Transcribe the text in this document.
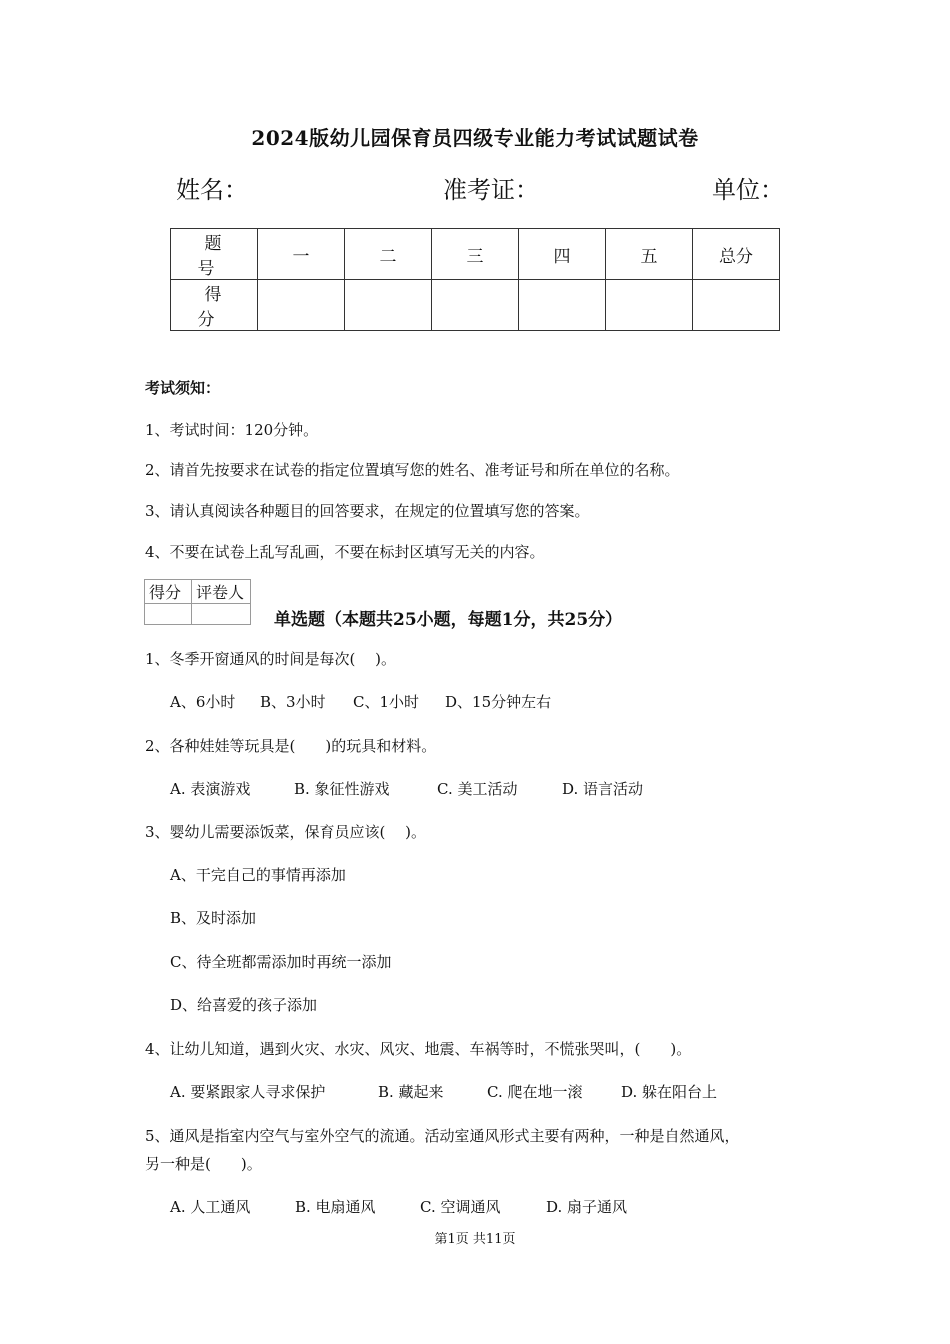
2024版幼儿园保育员四级专业能力考试试题试卷
姓名：	准考证：	单位：
题　号	一	二	三	四	五	总分
得　分						
考试须知：
1、考试时间：120分钟。
2、请首先按要求在试卷的指定位置填写您的姓名、准考证号和所在单位的名称。
3、请认真阅读各种题目的回答要求，在规定的位置填写您的答案。
4、不要在试卷上乱写乱画，不要在标封区填写无关的内容。
得分	评卷人

单选题（本题共25小题，每题1分，共25分）
1、冬季开窗通风的时间是每次(　 )。
A、6小时 B、3小时 C、1小时 D、15分钟左右
2、各种娃娃等玩具是(　　)的玩具和材料。
A. 表演游戏	B. 象征性游戏	C. 美工活动	D. 语言活动
3、婴幼儿需要添饭菜，保育员应该(　 )。
A、干完自己的事情再添加
B、及时添加
C、待全班都需添加时再统一添加
D、给喜爱的孩子添加
4、让幼儿知道，遇到火灾、水灾、风灾、地震、车祸等时，不慌张哭叫，(　　)。
A. 要紧跟家人寻求保护	B. 藏起来	C. 爬在地一滚	D. 躲在阳台上
5、通风是指室内空气与室外空气的流通。活动室通风形式主要有两种，一种是自然通风，
另一种是(　　)。
A. 人工通风	B. 电扇通风	C. 空调通风	D. 扇子通风
第1页 共11页
